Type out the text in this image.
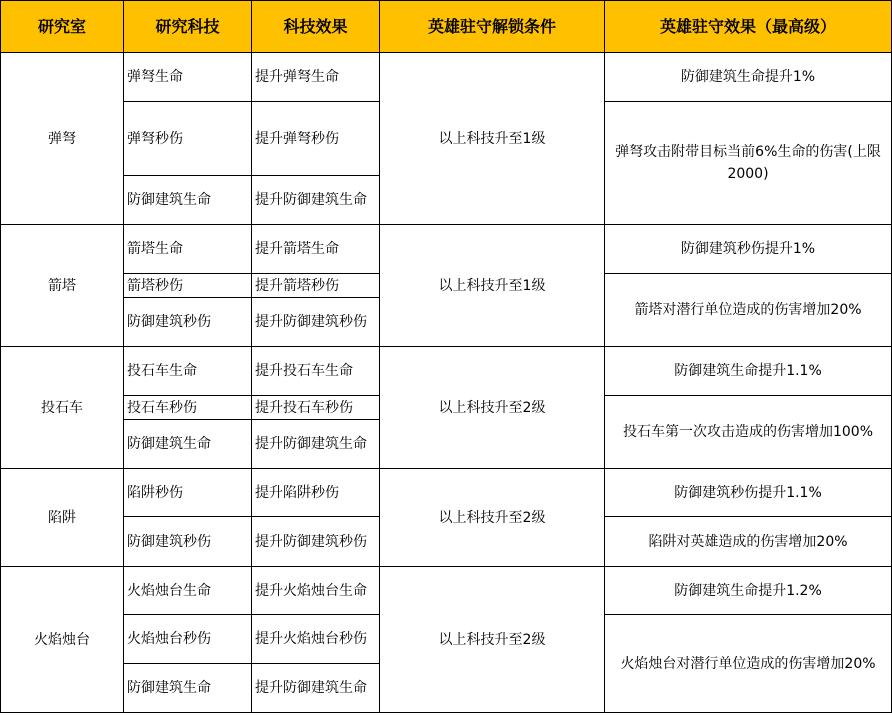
研究室	研究科技	科技效果	英雄驻守解锁条件	英雄驻守效果（最高级）
弹弩	弹弩生命	提升弹弩生命	以上科技升至1级	防御建筑生命提升1%
	弹弩秒伤	提升弹弩秒伤		弹弩攻击附带目标当前6%生命的伤害(上限2000)
	防御建筑生命	提升防御建筑生命		
箭塔	箭塔生命	提升箭塔生命	以上科技升至1级	防御建筑秒伤提升1%
	箭塔秒伤	提升箭塔秒伤		箭塔对潜行单位造成的伤害增加20%
	防御建筑秒伤	提升防御建筑秒伤		
投石车	投石车生命	提升投石车生命	以上科技升至2级	防御建筑生命提升1.1%
	投石车秒伤	提升投石车秒伤		投石车第一次攻击造成的伤害增加100%
	防御建筑生命	提升防御建筑生命		
陷阱	陷阱秒伤	提升陷阱秒伤	以上科技升至2级	防御建筑秒伤提升1.1%
	防御建筑秒伤	提升防御建筑秒伤		陷阱对英雄造成的伤害增加20%
火焰烛台	火焰烛台生命	提升火焰烛台生命	以上科技升至2级	防御建筑生命提升1.2%
	火焰烛台秒伤	提升火焰烛台秒伤		火焰烛台对潜行单位造成的伤害增加20%
	防御建筑生命	提升防御建筑生命		
